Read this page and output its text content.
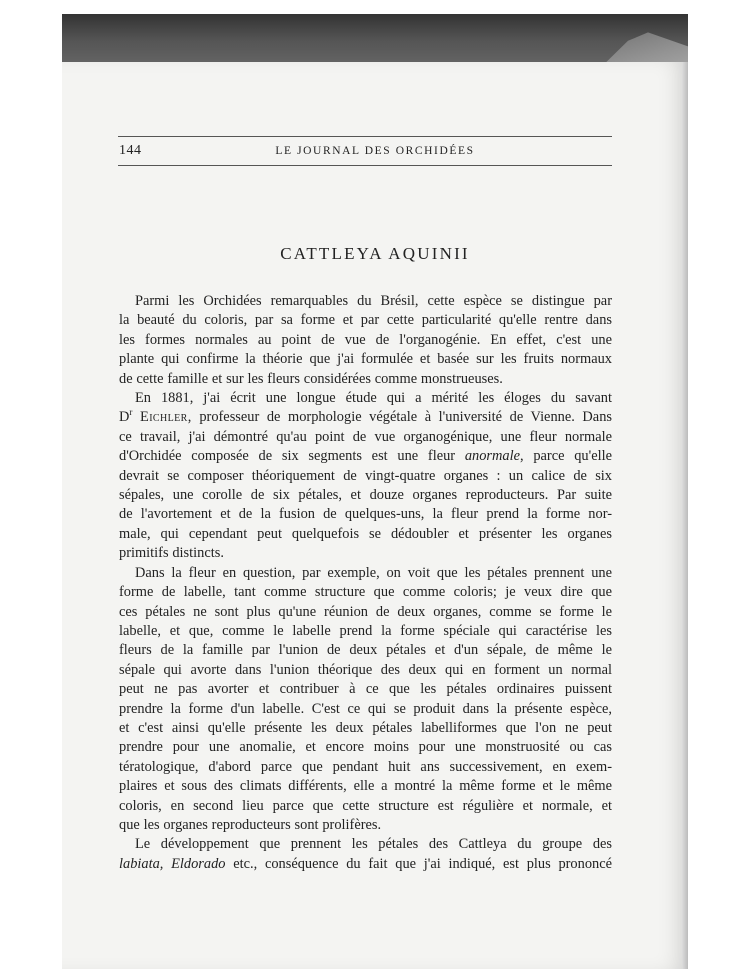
144	LE JOURNAL DES ORCHIDÉES
CATTLEYA AQUINII
Parmi les Orchidées remarquables du Brésil, cette espèce se distingue par
la beauté du coloris, par sa forme et par cette particularité qu'elle rentre dans
les formes normales au point de vue de l'organogénie. En effet, c'est une
plante qui confirme la théorie que j'ai formulée et basée sur les fruits normaux
de cette famille et sur les fleurs considérées comme monstrueuses.
En 1881, j'ai écrit une longue étude qui a mérité les éloges du savant
$D^r$ Eichler, professeur de morphologie végétale à l'université de Vienne. Dans
ce travail, j'ai démontré qu'au point de vue organogénique, une fleur normale
d'Orchidée composée de six segments est une fleur anormale, parce qu'elle
devrait se composer théoriquement de vingt-quatre organes : un calice de six
sépales, une corolle de six pétales, et douze organes reproducteurs. Par suite
de l'avortement et de la fusion de quelques-uns, la fleur prend la forme nor-
male, qui cependant peut quelquefois se dédoubler et présenter les organes
primitifs distincts.
Dans la fleur en question, par exemple, on voit que les pétales prennent une
forme de labelle, tant comme structure que comme coloris; je veux dire que
ces pétales ne sont plus qu'une réunion de deux organes, comme se forme le
labelle, et que, comme le labelle prend la forme spéciale qui caractérise les
fleurs de la famille par l'union de deux pétales et d'un sépale, de même le
sépale qui avorte dans l'union théorique des deux qui en forment un normal
peut ne pas avorter et contribuer à ce que les pétales ordinaires puissent
prendre la forme d'un labelle. C'est ce qui se produit dans la présente espèce,
et c'est ainsi qu'elle présente les deux pétales labelliformes que l'on ne peut
prendre pour une anomalie, et encore moins pour une monstruosité ou cas
tératologique, d'abord parce que pendant huit ans successivement, en exem-
plaires et sous des climats différents, elle a montré la même forme et le même
coloris, en second lieu parce que cette structure est régulière et normale, et
que les organes reproducteurs sont prolifères.
Le développement que prennent les pétales des Cattleya du groupe des
labiata, Eldorado etc., conséquence du fait que j'ai indiqué, est plus prononcé
